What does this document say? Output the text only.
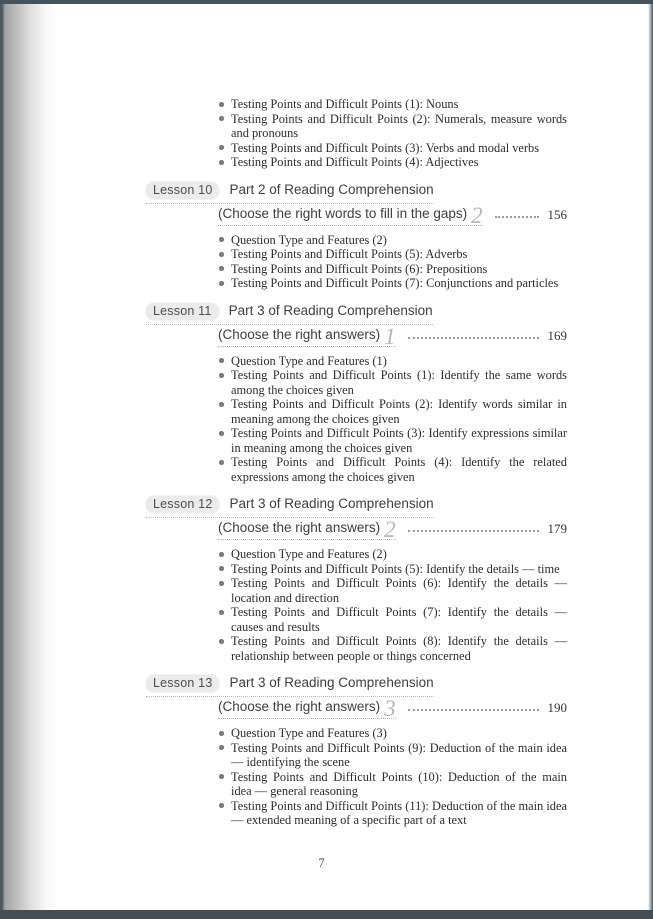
Testing Points and Difficult Points (1): Nouns
Testing Points and Difficult Points (2): Numerals, measure words and pronouns
Testing Points and Difficult Points (3): Verbs and modal verbs
Testing Points and Difficult Points (4): Adjectives
Lesson 10	Part 2 of Reading Comprehension
(Choose the right words to fill in the gaps) 2	156
Question Type and Features (2)
Testing Points and Difficult Points (5): Adverbs
Testing Points and Difficult Points (6): Prepositions
Testing Points and Difficult Points (7): Conjunctions and particles
Lesson 11	Part 3 of Reading Comprehension
(Choose the right answers) 1	169
Question Type and Features (1)
Testing Points and Difficult Points (1): Identify the same words among the choices given
Testing Points and Difficult Points (2): Identify words similar in meaning among the choices given
Testing Points and Difficult Points (3): Identify expressions similar in meaning among the choices given
Testing Points and Difficult Points (4): Identify the related expressions among the choices given
Lesson 12	Part 3 of Reading Comprehension
(Choose the right answers) 2	179
Question Type and Features (2)
Testing Points and Difficult Points (5): Identify the details — time
Testing Points and Difficult Points (6): Identify the details — location and direction
Testing Points and Difficult Points (7): Identify the details — causes and results
Testing Points and Difficult Points (8): Identify the details — relationship between people or things concerned
Lesson 13	Part 3 of Reading Comprehension
(Choose the right answers) 3	190
Question Type and Features (3)
Testing Points and Difficult Points (9): Deduction of the main idea — identifying the scene
Testing Points and Difficult Points (10): Deduction of the main idea — general reasoning
Testing Points and Difficult Points (11): Deduction of the main idea — extended meaning of a specific part of a text
7
